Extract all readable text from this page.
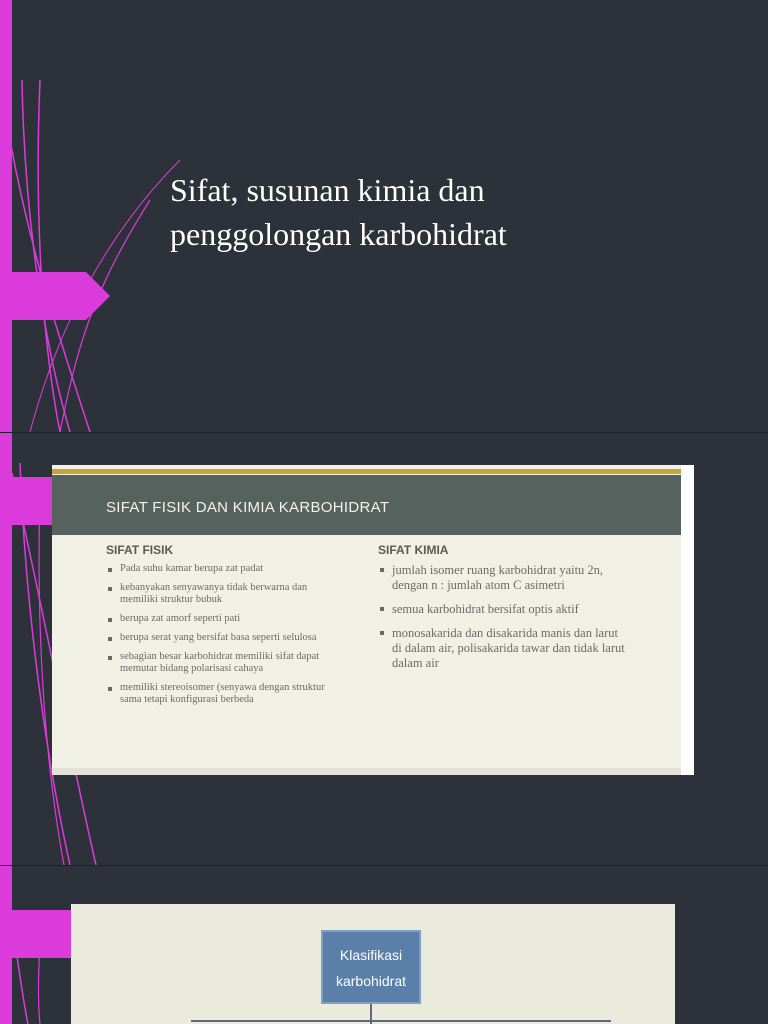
Sifat, susunan kimia dan
penggolongan karbohidrat
SIFAT FISIK DAN KIMIA KARBOHIDRAT
SIFAT FISIK
Pada suhu kamar berupa zat padat
kebanyakan senyawanya tidak berwarna dan memiliki struktur bubuk
berupa zat amorf seperti pati
berupa serat yang bersifat basa seperti selulosa
sebagian besar karbohidrat memiliki sifat dapat memutar bidang polarisasi cahaya
memiliki stereoisomer (senyawa dengan struktur sama tetapi konfigurasi berbeda
SIFAT KIMIA
jumlah isomer ruang karbohidrat yaitu 2n, dengan n : jumlah atom C asimetri
semua karbohidrat bersifat optis aktif
monosakarida dan disakarida manis dan larut di dalam air, polisakarida tawar dan tidak larut dalam air
Klasifikasi
karbohidrat
